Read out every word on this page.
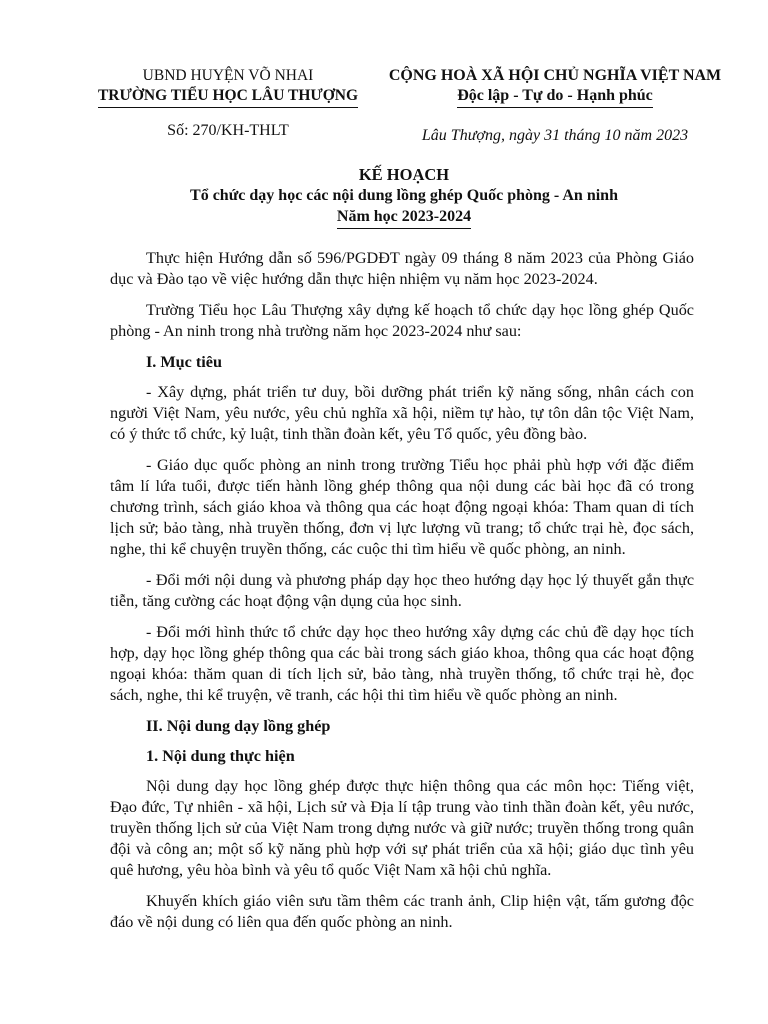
UBND HUYỆN VÕ NHAI
TRƯỜNG TIỂU HỌC LÂU THƯỢNG
CỘNG HOÀ XÃ HỘI CHỦ NGHĨA VIỆT NAM
Độc lập - Tự do - Hạnh phúc
Số: 270/KH-THLT	Lâu Thượng, ngày 31 tháng 10 năm 2023
KẾ HOẠCH
Tổ chức dạy học các nội dung lồng ghép Quốc phòng - An ninh
Năm học 2023-2024

Thực hiện Hướng dẫn số 596/PGDĐT ngày 09 tháng 8 năm 2023 của Phòng Giáo dục và Đào tạo về việc hướng dẫn thực hiện nhiệm vụ năm học 2023-2024.

Trường Tiểu học Lâu Thượng xây dựng kế hoạch tổ chức dạy học lồng ghép Quốc phòng - An ninh trong nhà trường năm học 2023-2024 như sau:

I. Mục tiêu

- Xây dựng, phát triển tư duy, bồi dưỡng phát triển kỹ năng sống, nhân cách con người Việt Nam, yêu nước, yêu chủ nghĩa xã hội, niềm tự hào, tự tôn dân tộc Việt Nam, có ý thức tổ chức, kỷ luật, tinh thần đoàn kết, yêu Tổ quốc, yêu đồng bào.

- Giáo dục quốc phòng an ninh trong trường Tiểu học phải phù hợp với đặc điểm tâm lí lứa tuổi, được tiến hành lồng ghép thông qua nội dung các bài học đã có trong chương trình, sách giáo khoa và thông qua các hoạt động ngoại khóa: Tham quan di tích lịch sử; bảo tàng, nhà truyền thống, đơn vị lực lượng vũ trang; tổ chức trại hè, đọc sách, nghe, thi kể chuyện truyền thống, các cuộc thi tìm hiểu về quốc phòng, an ninh.

- Đổi mới nội dung và phương pháp dạy học theo hướng dạy học lý thuyết gắn thực tiễn, tăng cường các hoạt động vận dụng của học sinh.

- Đổi mới hình thức tổ chức dạy học theo hướng xây dựng các chủ đề dạy học tích hợp, dạy học lồng ghép thông qua các bài trong sách giáo khoa, thông qua các hoạt động ngoại khóa: thăm quan di tích lịch sử, bảo tàng, nhà truyền thống, tổ chức trại hè, đọc sách, nghe, thi kể truyện, vẽ tranh, các hội thi tìm hiểu về quốc phòng an ninh.

II. Nội dung dạy lồng ghép

1. Nội dung thực hiện

Nội dung dạy học lồng ghép được thực hiện thông qua các môn học: Tiếng việt, Đạo đức, Tự nhiên - xã hội, Lịch sử và Địa lí tập trung vào tinh thần đoàn kết, yêu nước, truyền thống lịch sử của Việt Nam trong dựng nước và giữ nước; truyền thống trong quân đội và công an; một số kỹ năng phù hợp với sự phát triển của xã hội; giáo dục tình yêu quê hương, yêu hòa bình và yêu tổ quốc Việt Nam xã hội chủ nghĩa.

Khuyến khích giáo viên sưu tầm thêm các tranh ảnh, Clip hiện vật, tấm gương độc đáo về nội dung có liên qua đến quốc phòng an ninh.
